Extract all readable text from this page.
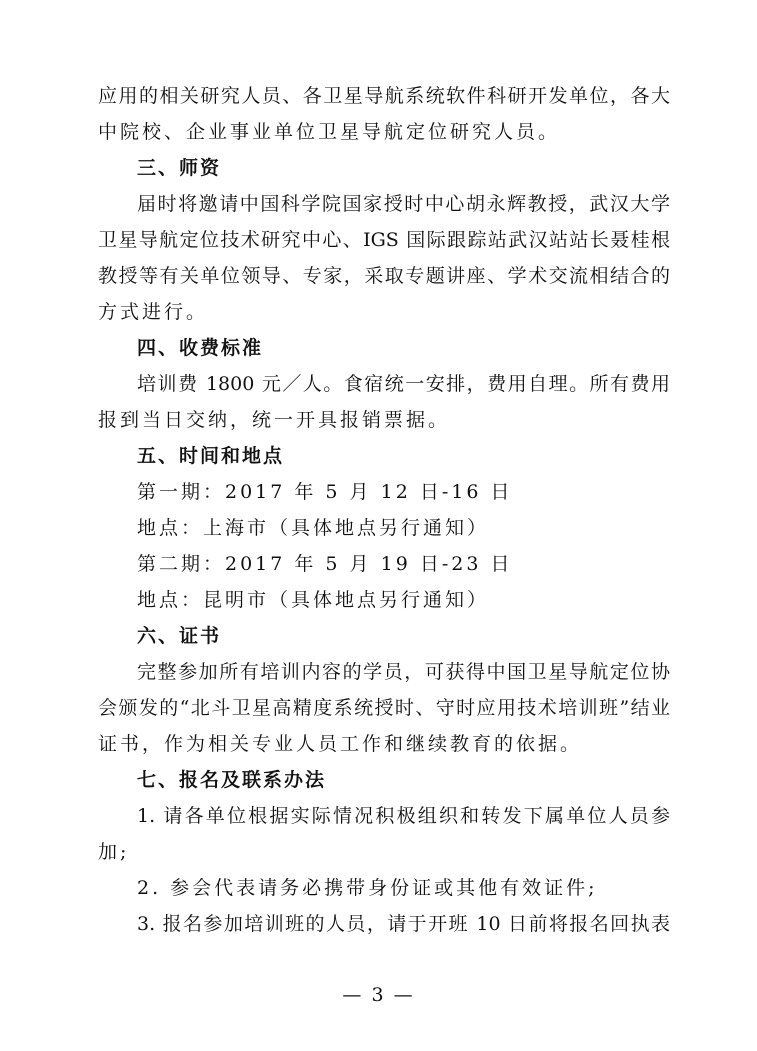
应用的相关研究人员、各卫星导航系统软件科研开发单位，各大
中院校、企业事业单位卫星导航定位研究人员。
三、师资
届时将邀请中国科学院国家授时中心胡永辉教授，武汉大学
卫星导航定位技术研究中心、IGS 国际跟踪站武汉站站长聂桂根
教授等有关单位领导、专家，采取专题讲座、学术交流相结合的
方式进行。
四、收费标准
培训费 1800 元／人。食宿统一安排，费用自理。所有费用
报到当日交纳，统一开具报销票据。
五、时间和地点
第一期：2017 年 5 月 12 日-16 日
地点：上海市（具体地点另行通知）
第二期：2017 年 5 月 19 日-23 日
地点：昆明市（具体地点另行通知）
六、证书
完整参加所有培训内容的学员，可获得中国卫星导航定位协
会颁发的“北斗卫星高精度系统授时、守时应用技术培训班”结业
证书，作为相关专业人员工作和继续教育的依据。
七、报名及联系办法
1. 请各单位根据实际情况积极组织和转发下属单位人员参
加;
2. 参会代表请务必携带身份证或其他有效证件;
3. 报名参加培训班的人员，请于开班 10 日前将报名回执表
— 3 —
